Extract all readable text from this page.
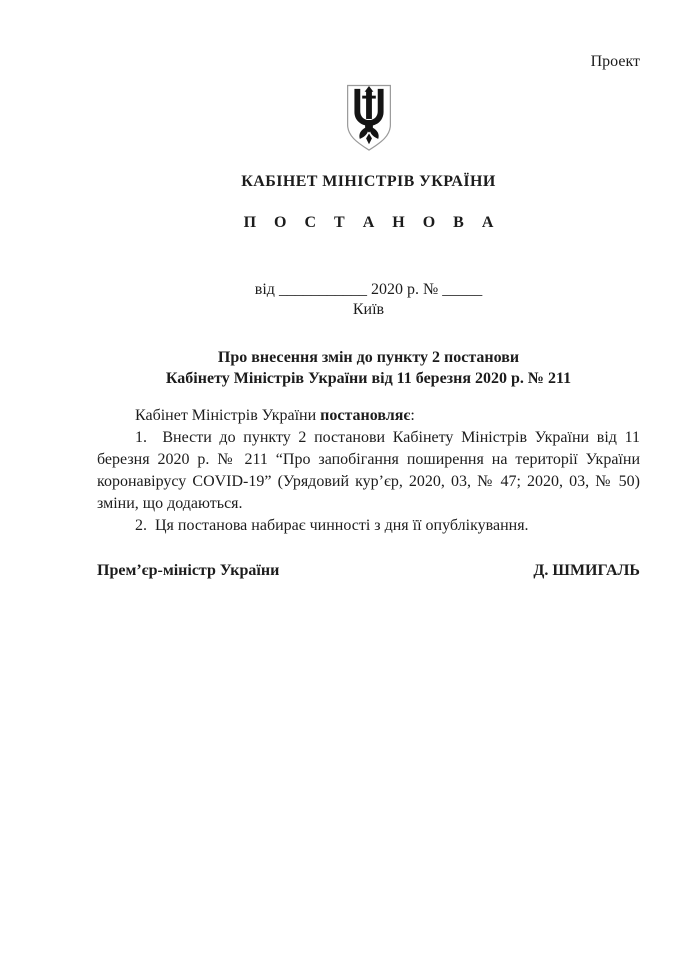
Проект
КАБІНЕТ МІНІСТРІВ УКРАЇНИ
П О С Т А Н О В А
від ___________ 2020 р. № _____
Київ
Про внесення змін до пункту 2 постанови
Кабінету Міністрів України від 11 березня 2020 р. № 211

Кабінет Міністрів України постановляє:

1.  Внести до пункту 2 постанови Кабінету Міністрів України від 11 березня 2020 р. № 211 “Про запобігання поширення на території України коронавірусу COVID-19” (Урядовий кур’єр, 2020, 03, № 47; 2020, 03, № 50) зміни, що додаються.

2.  Ця постанова набирає чинності з дня її опублікування.

Прем’єр-міністр України	Д. ШМИГАЛЬ
